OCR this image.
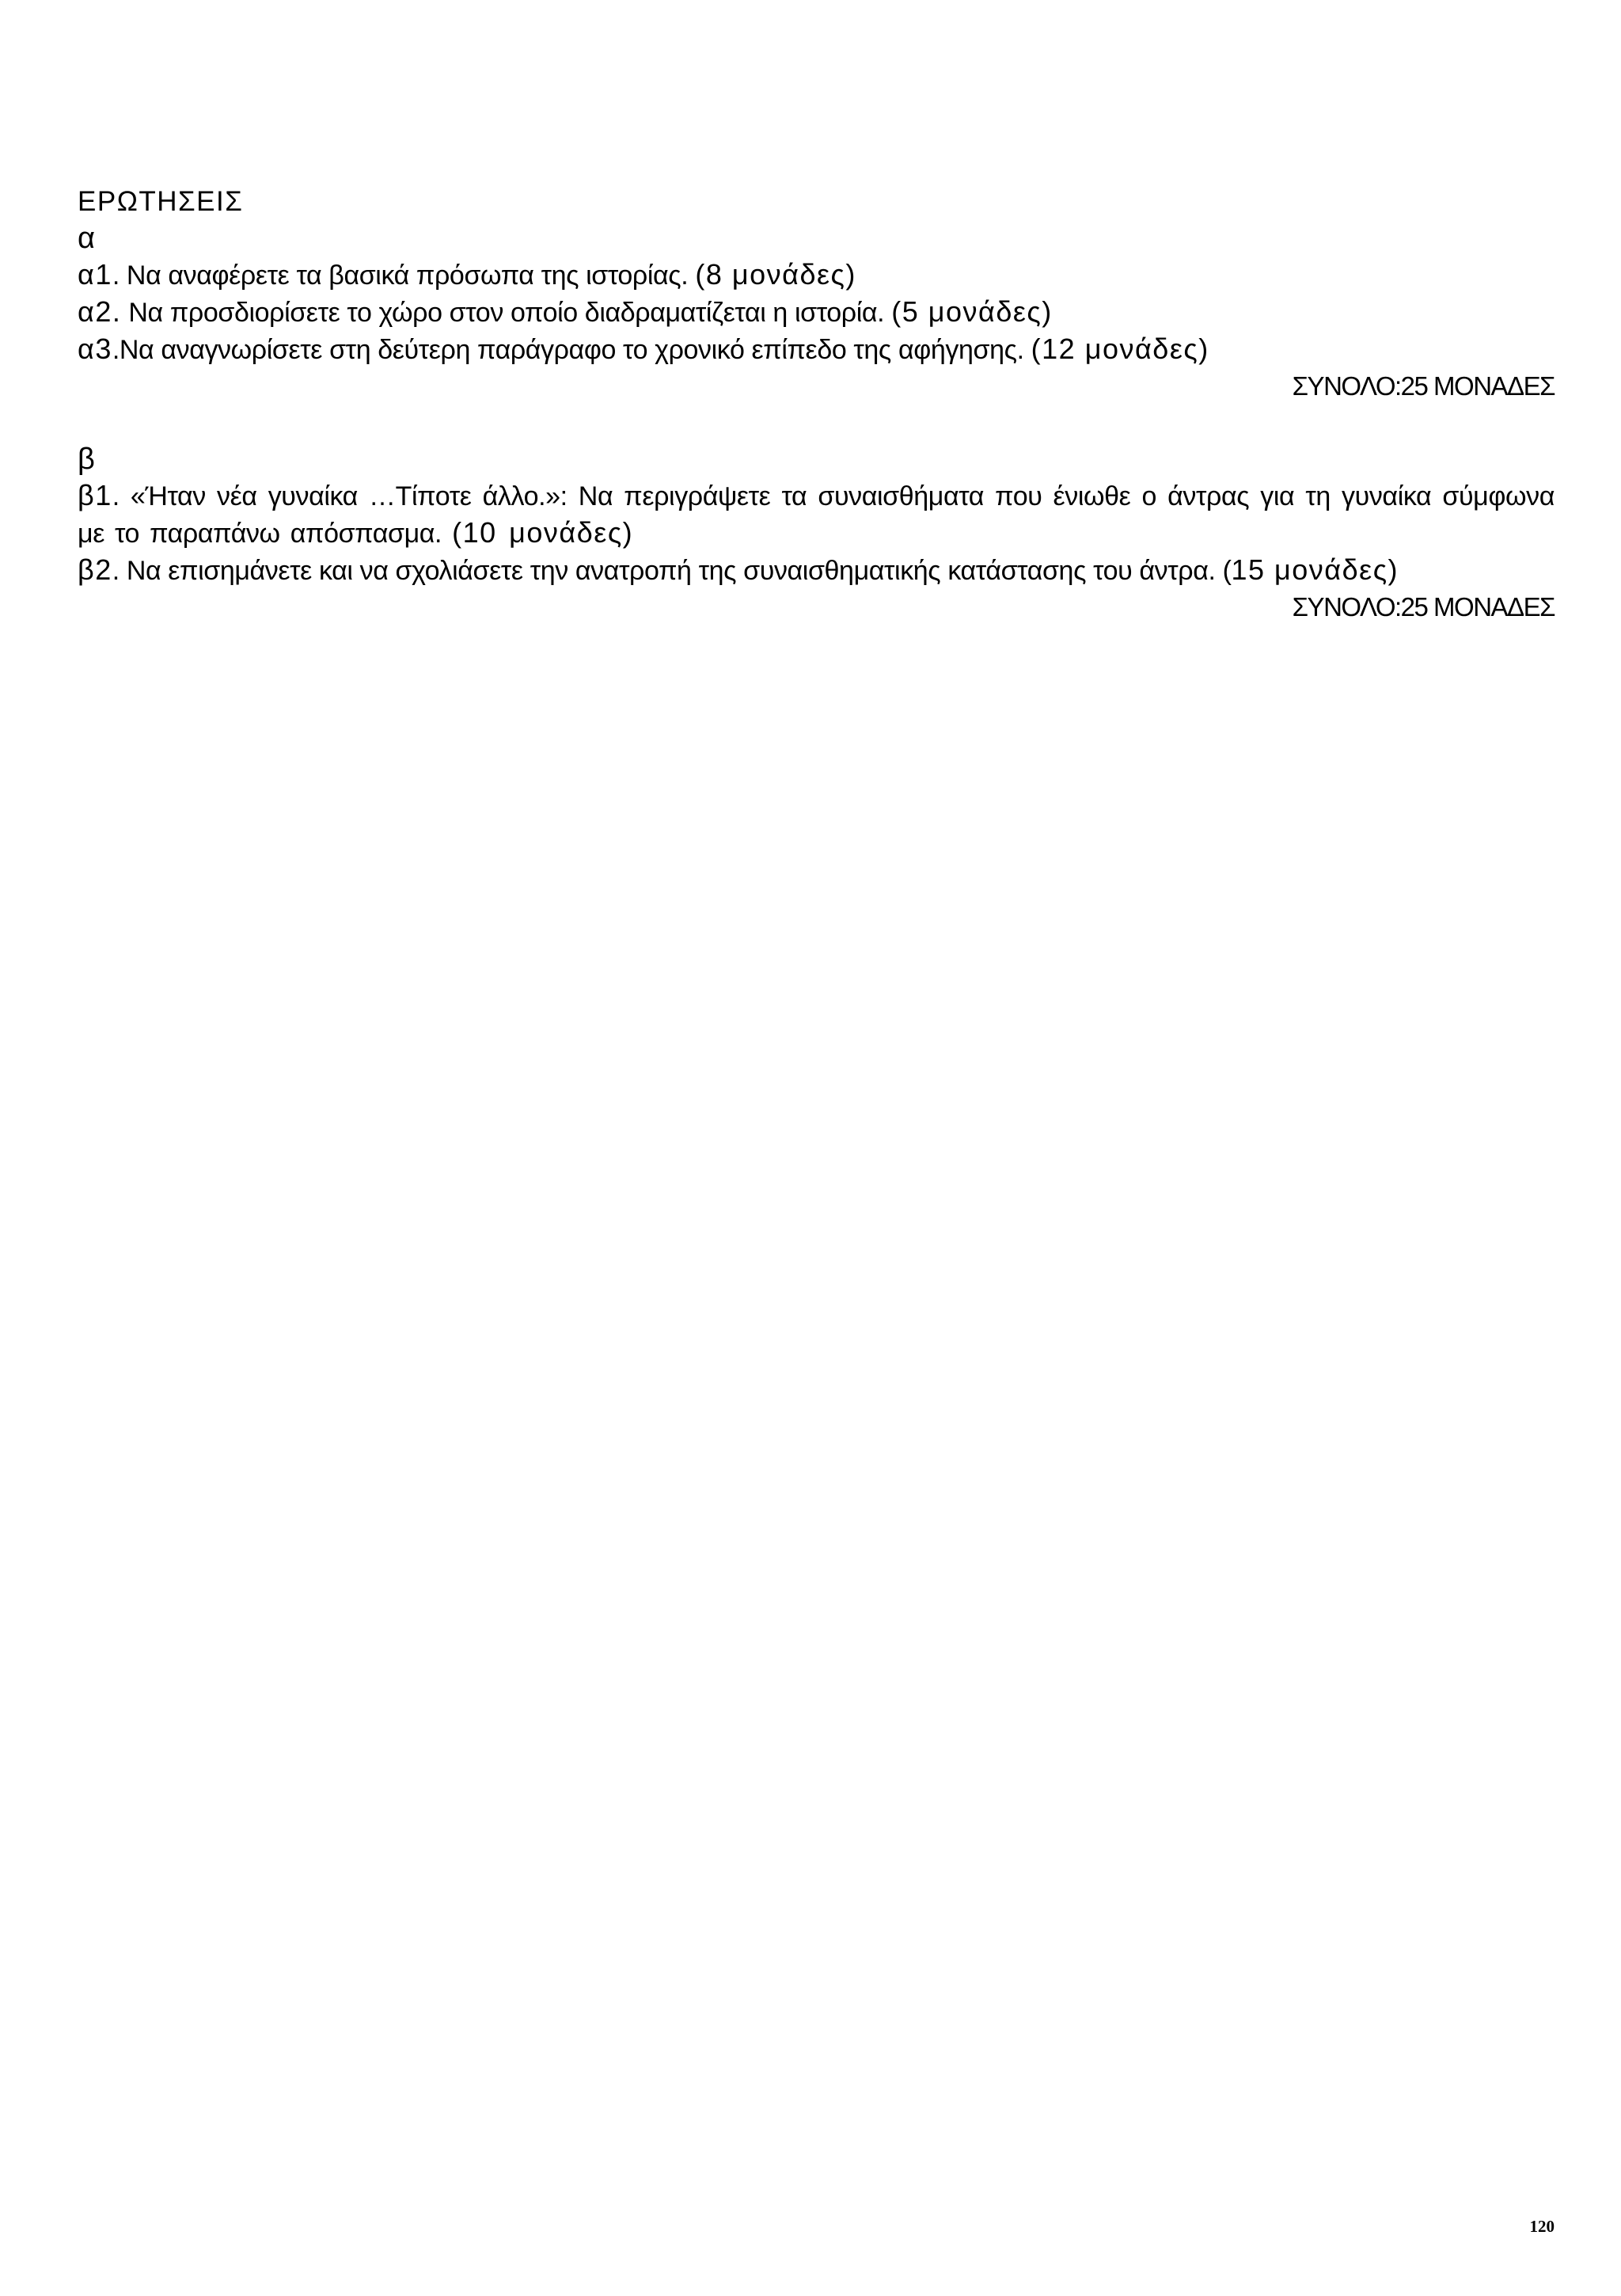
ΕΡΩΤΗΣΕΙΣ
α
α1. Να αναφέρετε τα βασικά πρόσωπα της ιστορίας. (8 μονάδες)
α2. Να προσδιορίσετε το χώρο στον οποίο διαδραματίζεται η ιστορία. (5 μονάδες)
α3.Να αναγνωρίσετε στη δεύτερη παράγραφο το χρονικό επίπεδο της αφήγησης. (12 μονάδες)
ΣΥΝΟΛΟ:25 ΜΟΝΑΔΕΣ
β
β1. «Ήταν νέα γυναίκα …Τίποτε άλλο.»: Να περιγράψετε τα συναισθήματα που ένιωθε ο άντρας για τη γυναίκα σύμφωνα με το παραπάνω απόσπασμα. (10 μονάδες)
β2. Να επισημάνετε και να σχολιάσετε την ανατροπή της συναισθηματικής κατάστασης του άντρα. (15 μονάδες)
ΣΥΝΟΛΟ:25 ΜΟΝΑΔΕΣ
120
